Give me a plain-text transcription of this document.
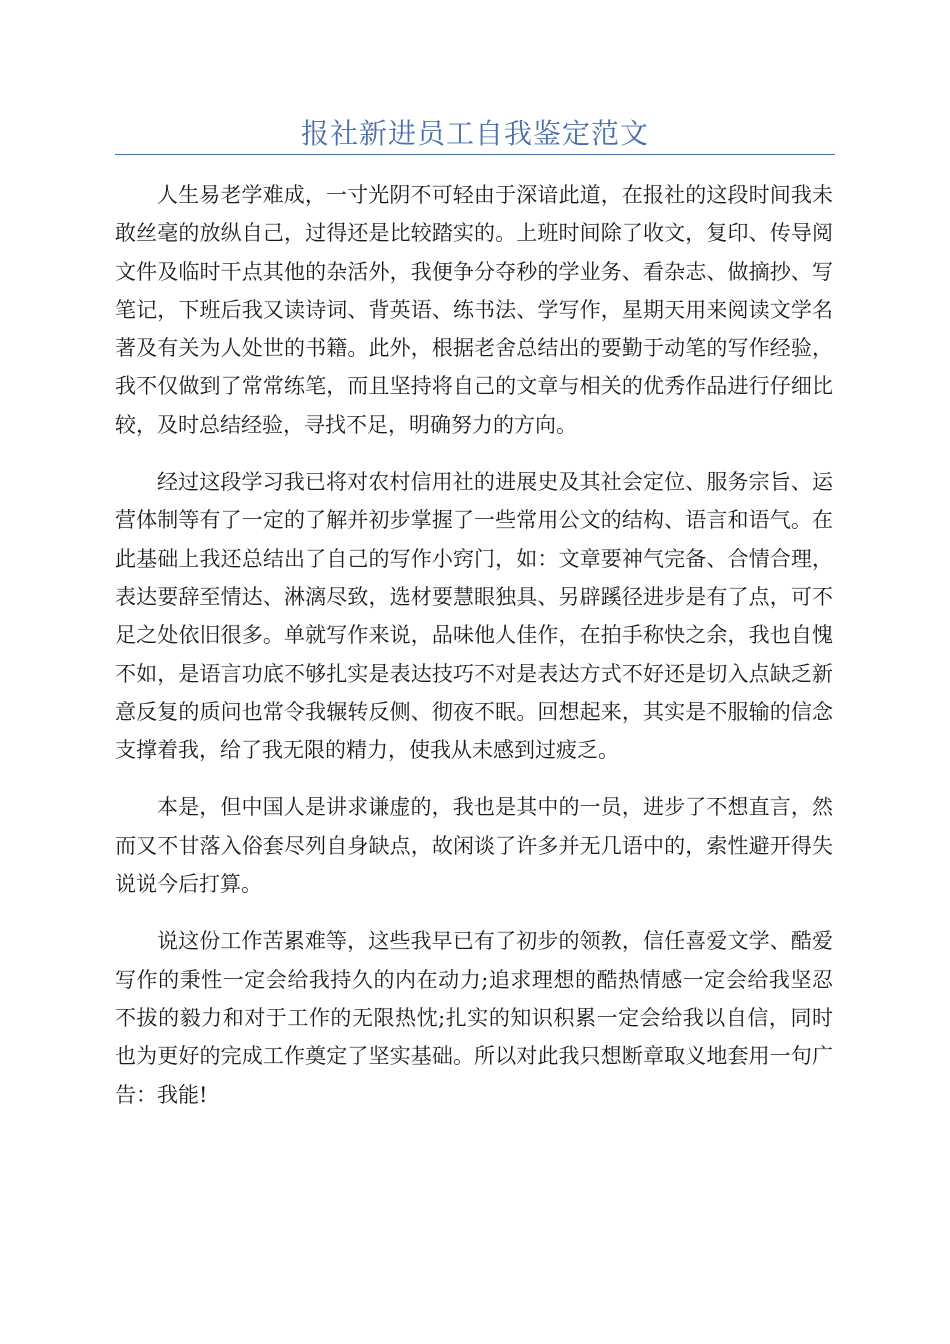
报社新进员工自我鉴定范文

人生易老学难成，一寸光阴不可轻由于深谙此道，在报社的这段时间我未敢丝毫的放纵自己，过得还是比较踏实的。上班时间除了收文，复印、传导阅文件及临时干点其他的杂活外，我便争分夺秒的学业务、看杂志、做摘抄、写笔记，下班后我又读诗词、背英语、练书法、学写作，星期天用来阅读文学名著及有关为人处世的书籍。此外，根据老舍总结出的要勤于动笔的写作经验，我不仅做到了常常练笔，而且坚持将自己的文章与相关的优秀作品进行仔细比较，及时总结经验，寻找不足，明确努力的方向。

经过这段学习我已将对农村信用社的进展史及其社会定位、服务宗旨、运营体制等有了一定的了解并初步掌握了一些常用公文的结构、语言和语气。在此基础上我还总结出了自己的写作小窍门，如：文章要神气完备、合情合理，表达要辞至情达、淋漓尽致，选材要慧眼独具、另辟蹊径进步是有了点，可不足之处依旧很多。单就写作来说，品味他人佳作，在拍手称快之余，我也自愧不如，是语言功底不够扎实是表达技巧不对是表达方式不好还是切入点缺乏新意反复的质问也常令我辗转反侧、彻夜不眠。回想起来，其实是不服输的信念支撑着我，给了我无限的精力，使我从未感到过疲乏。

本是，但中国人是讲求谦虚的，我也是其中的一员，进步了不想直言，然而又不甘落入俗套尽列自身缺点，故闲谈了许多并无几语中的，索性避开得失说说今后打算。

说这份工作苦累难等，这些我早已有了初步的领教，信任喜爱文学、酷爱写作的秉性一定会给我持久的内在动力;追求理想的酷热情感一定会给我坚忍不拔的毅力和对于工作的无限热忱;扎实的知识积累一定会给我以自信，同时也为更好的完成工作奠定了坚实基础。所以对此我只想断章取义地套用一句广告：我能!
